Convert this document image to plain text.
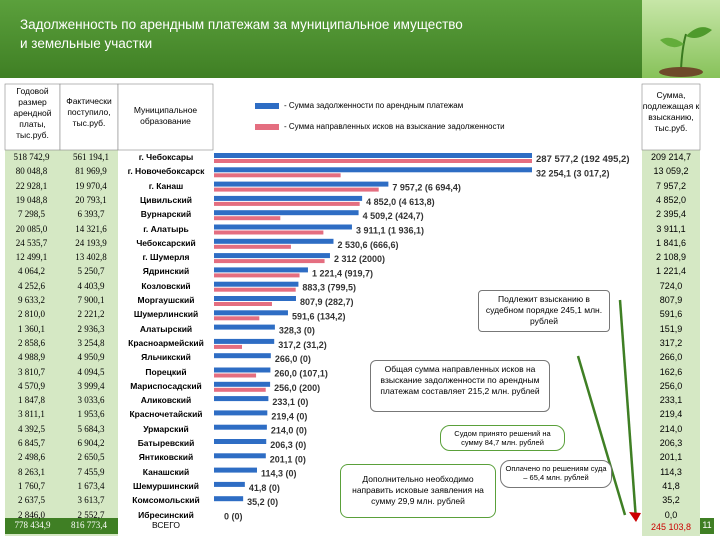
Задолженность по арендным платежам за муниципальное имущество
и земельные участки
Годовой размер арендной платы, тыс.руб.
Фактически поступило, тыс.руб.
Муниципальное образование
Сумма, подлежащая к взысканию, тыс.руб.
518 742,9	561 194,1	г. Чебоксары	209 214,7
80 048,8	81 969,9	г. Новочебоксарск	13 059,2
22 928,1	19 970,4	г. Канаш	7 957,2
19 048,8	20 793,1	Цивильский	4 852,0
7 298,5	6 393,7	Вурнарский	2 395,4
20 085,0	14 321,6	г. Алатырь	3 911,1
24 535,7	24 193,9	Чебоксарский	1 841,6
12 499,1	13 402,8	г. Шумерля	2 108,9
4 064,2	5 250,7	Ядринский	1 221,4
4 252,6	4 403,9	Козловский	724,0
9 633,2	7 900,1	Моргаушский	807,9
2 810,0	2 221,2	Шумерлинский	591,6
1 360,1	2 936,3	Алатырский	151,9
2 858,6	3 254,8	Красноармейский	317,2
4 988,9	4 950,9	Яльчикский	266,0
3 810,7	4 094,5	Порецкий	162,6
4 570,9	3 999,4	Мариспосадский	256,0
1 847,8	3 033,6	Аликовский	233,1
3 811,1	1 953,6	Красночетайский	219,4
4 392,5	5 684,3	Урмарский	214,0
6 845,7	6 904,2	Батыревский	206,3
2 498,6	2 650,5	Янтиковский	201,1
8 263,1	7 455,9	Канашский	114,3
1 760,7	1 673,4	Шемуршинский	41,8
2 637,5	3 613,7	Комсомольский	35,2
2 846,0	2 552,7	Ибресинский	0,0
- Сумма задолженности по арендным платежам
- Сумма направленных исков на взыскание задолженности
287 577,2 (192 495,2)
32 254,1 (3 017,2)
7 957,2 (6 694,4)
4 852,0 (4 613,8)
4 509,2 (424,7)
3 911,1 (1 936,1)
2 530,6 (666,6)
2 312 (2000)
1 221,4 (919,7)
883,3 (799,5)
807,9 (282,7)
591,6 (134,2)
328,3 (0)
317,2 (31,2)
266,0 (0)
260,0 (107,1)
256,0 (200)
233,1 (0)
219,4 (0)
214,0 (0)
206,3 (0)
201,1 (0)
114,3 (0)
41,8 (0)
35,2 (0)
0 (0)
Подлежит взысканию в судебном порядке 245,1 млн. рублей
Общая сумма направленных исков на взыскание задолженности по арендным платежам составляет 215,2 млн. рублей
Судом принято решений на сумму 84,7 млн. рублей
Оплачено по решениям суда – 65,4 млн. рублей
Дополнительно необходимо направить исковые заявления на сумму 29,9 млн. рублей
778 434,9	816 773,4	ВСЕГО	245 103,8	11
